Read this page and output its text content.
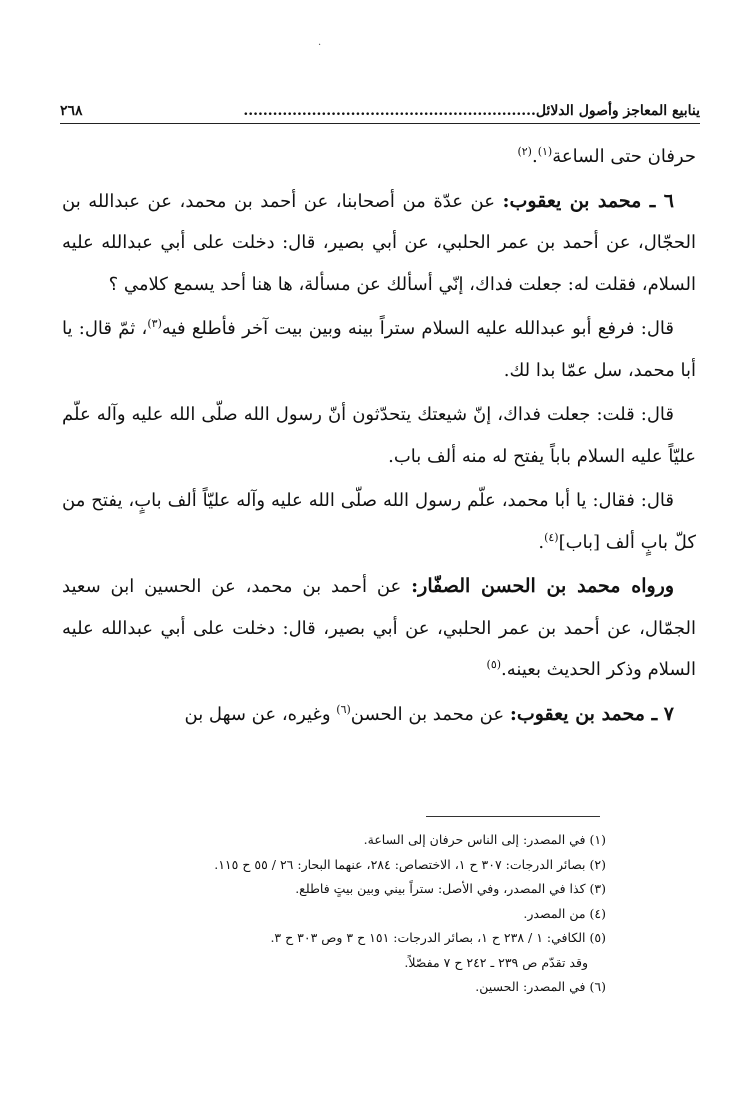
·
ينابيع المعاجز وأصول الدلائل............................................................
٢٦٨

حرفان حتى الساعة$^{(١)}$.$^{(٢)}$

٦ ـ محمد بن يعقوب: عن عدّة من أصحابنا، عن أحمد بن محمد، عن عبدالله بن الحجّال، عن أحمد بن عمر الحلبي، عن أبي بصير، قال: دخلت على أبي عبدالله عليه السلام، فقلت له: جعلت فداك، إنّي أسألك عن مسألة، ها هنا أحد يسمع كلامي ؟

قال: فرفع أبو عبدالله عليه السلام ستراً بينه وبين بيت آخر فأطلع فيه$^{(٣)}$، ثمّ قال: يا أبا محمد، سل عمّا بدا لك.

قال: قلت: جعلت فداك، إنّ شيعتك يتحدّثون أنّ رسول الله صلّى الله عليه وآله علّم عليّاً عليه السلام باباً يفتح له منه ألف باب.

قال: فقال: يا أبا محمد، علّم رسول الله صلّى الله عليه وآله عليّاً ألف بابٍ، يفتح من كلّ بابٍ ألف [باب]$^{(٤)}$.

ورواه محمد بن الحسن الصفّار: عن أحمد بن محمد، عن الحسين ابن سعيد الجمّال، عن أحمد بن عمر الحلبي، عن أبي بصير، قال: دخلت على أبي عبدالله عليه السلام وذكر الحديث بعينه.$^{(٥)}$

٧ ـ محمد بن يعقوب: عن محمد بن الحسن$^{(٦)}$ وغيره، عن سهل بن

(١) في المصدر: إلى الناس حرفان إلى الساعة.
(٢) بصائر الدرجات: ٣٠٧ ح ١، الاختصاص: ٢٨٤، عنهما البحار: ٢٦ / ٥٥ ح ١١٥.
(٣) كذا في المصدر، وفي الأصل: ستراً بيني وبين بيتٍ فاطلع.
(٤) من المصدر.
(٥) الكافي: ١ / ٢٣٨ ح ١، بصائر الدرجات: ١٥١ ح ٣ وص ٣٠٣ ح ٣.
وقد تقدّم ص ٢٣٩ ـ ٢٤٢ ح ٧ مفصّلاً.
(٦) في المصدر: الحسين.
